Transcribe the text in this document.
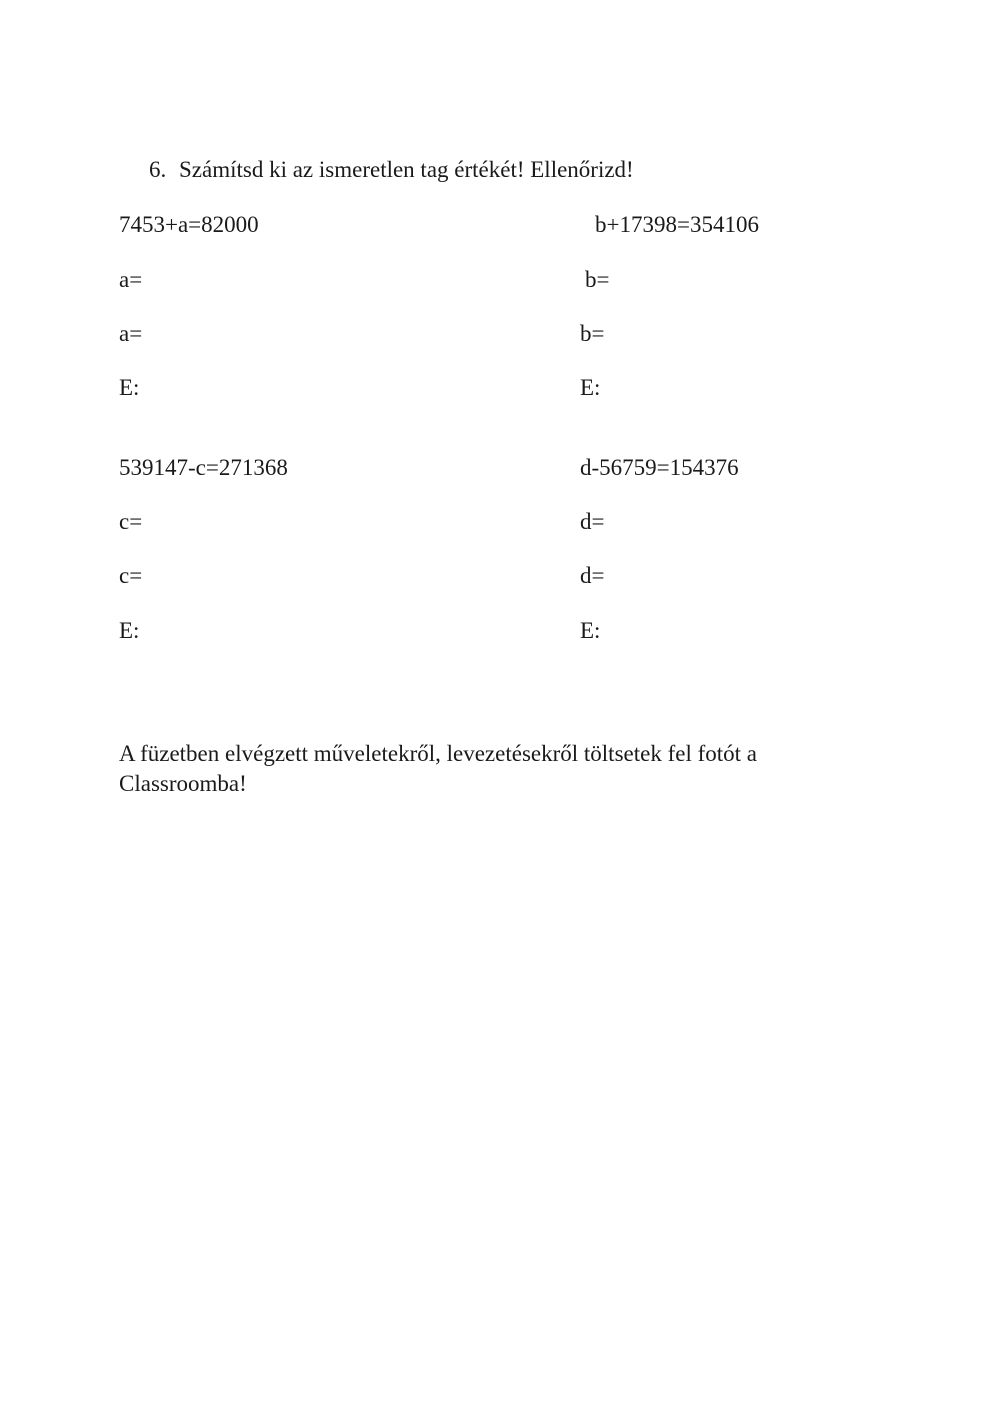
6. Számítsd ki az ismeretlen tag értékét! Ellenőrizd!
7453+a=82000
a=
a=
E:
b+17398=354106
b=
b=
E:
539147-c=271368
c=
c=
E:
d-56759=154376
d=
d=
E:
A füzetben elvégzett műveletekről, levezetésekről töltsetek fel fotót a
Classroomba!
